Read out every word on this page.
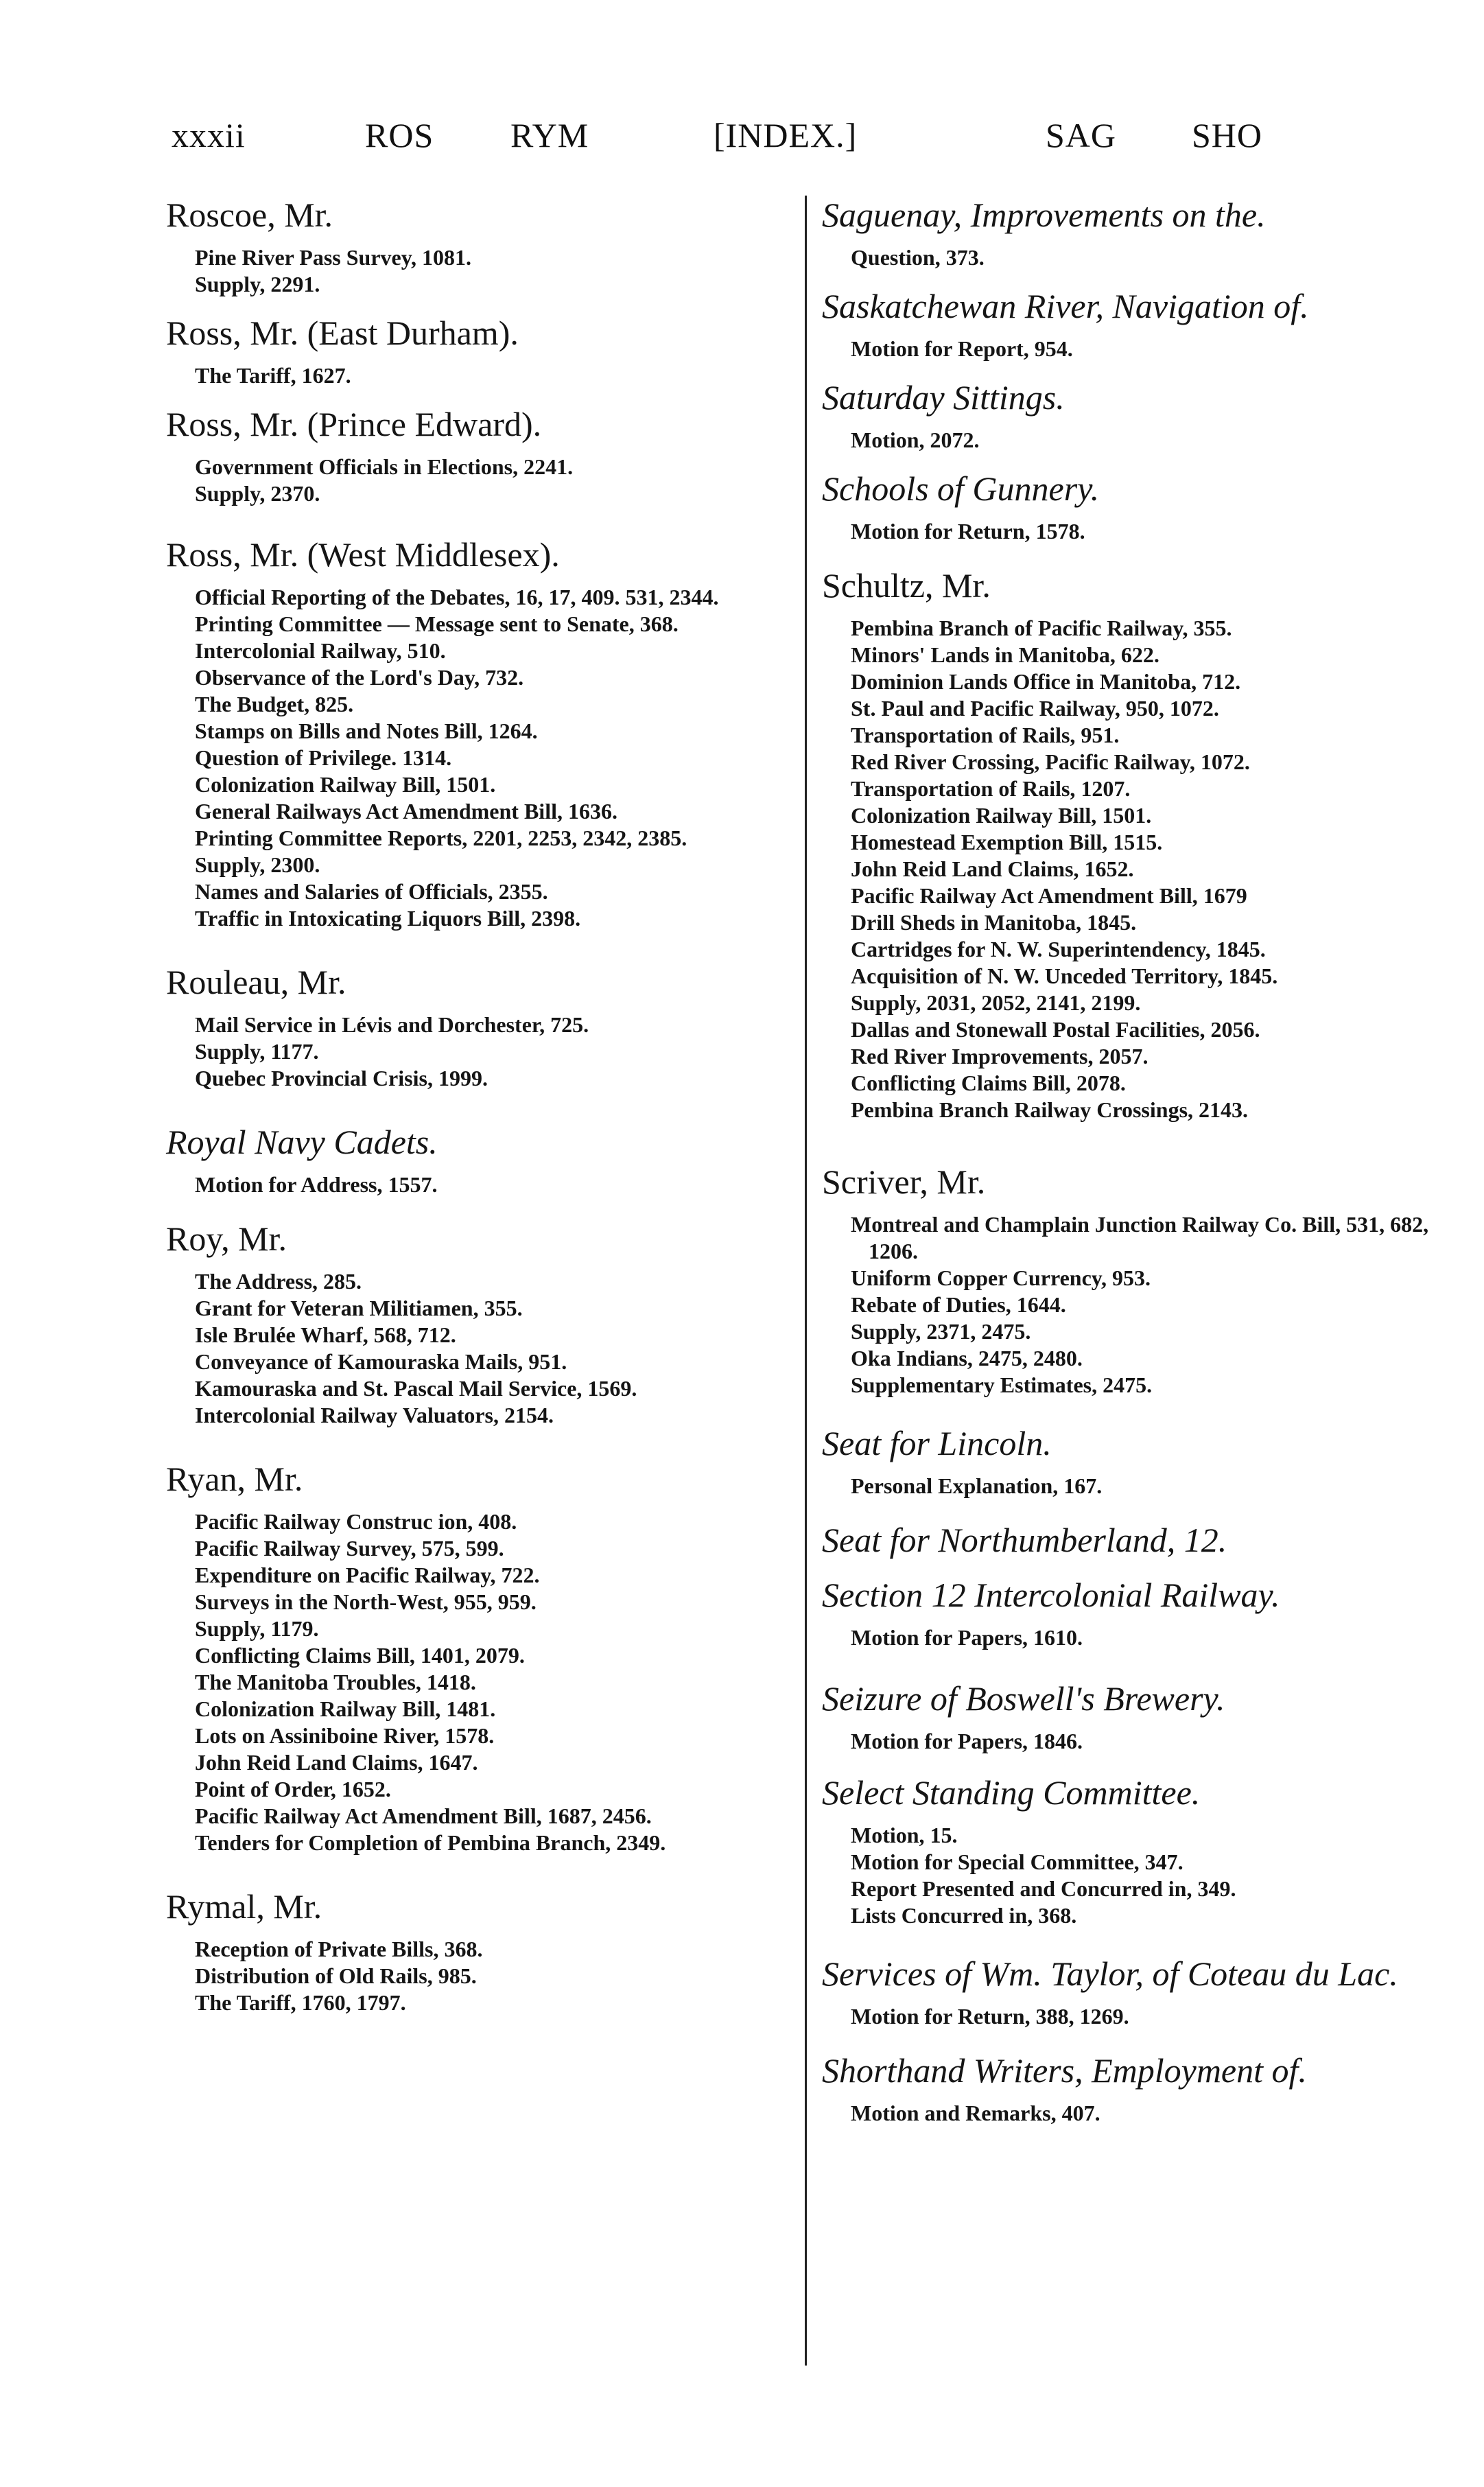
xxxii	ROS RYM	[INDEX.]	SAG SHO
Roscoe, Mr.
Pine River Pass Survey, 1081.
Supply, 2291.
Ross, Mr. (East Durham).
The Tariff, 1627.
Ross, Mr. (Prince Edward).
Government Officials in Elections, 2241.
Supply, 2370.
Ross, Mr. (West Middlesex).
Official Reporting of the Debates, 16, 17, 409. 531, 2344.
Printing Committee — Message sent to Senate, 368.
Intercolonial Railway, 510.
Observance of the Lord's Day, 732.
The Budget, 825.
Stamps on Bills and Notes Bill, 1264.
Question of Privilege. 1314.
Colonization Railway Bill, 1501.
General Railways Act Amendment Bill, 1636.
Printing Committee Reports, 2201, 2253, 2342, 2385.
Supply, 2300.
Names and Salaries of Officials, 2355.
Traffic in Intoxicating Liquors Bill, 2398.
Rouleau, Mr.
Mail Service in Lévis and Dorchester, 725.
Supply, 1177.
Quebec Provincial Crisis, 1999.
Royal Navy Cadets.
Motion for Address, 1557.
Roy, Mr.
The Address, 285.
Grant for Veteran Militiamen, 355.
Isle Brulée Wharf, 568, 712.
Conveyance of Kamouraska Mails, 951.
Kamouraska and St. Pascal Mail Service, 1569.
Intercolonial Railway Valuators, 2154.
Ryan, Mr.
Pacific Railway Construc ion, 408.
Pacific Railway Survey, 575, 599.
Expenditure on Pacific Railway, 722.
Surveys in the North-West, 955, 959.
Supply, 1179.
Conflicting Claims Bill, 1401, 2079.
The Manitoba Troubles, 1418.
Colonization Railway Bill, 1481.
Lots on Assiniboine River, 1578.
John Reid Land Claims, 1647.
Point of Order, 1652.
Pacific Railway Act Amendment Bill, 1687, 2456.
Tenders for Completion of Pembina Branch, 2349.
Rymal, Mr.
Reception of Private Bills, 368.
Distribution of Old Rails, 985.
The Tariff, 1760, 1797.
Saguenay, Improvements on the.
Question, 373.
Saskatchewan River, Navigation of.
Motion for Report, 954.
Saturday Sittings.
Motion, 2072.
Schools of Gunnery.
Motion for Return, 1578.
Schultz, Mr.
Pembina Branch of Pacific Railway, 355.
Minors' Lands in Manitoba, 622.
Dominion Lands Office in Manitoba, 712.
St. Paul and Pacific Railway, 950, 1072.
Transportation of Rails, 951.
Red River Crossing, Pacific Railway, 1072.
Transportation of Rails, 1207.
Colonization Railway Bill, 1501.
Homestead Exemption Bill, 1515.
John Reid Land Claims, 1652.
Pacific Railway Act Amendment Bill, 1679
Drill Sheds in Manitoba, 1845.
Cartridges for N. W. Superintendency, 1845.
Acquisition of N. W. Unceded Territory, 1845.
Supply, 2031, 2052, 2141, 2199.
Dallas and Stonewall Postal Facilities, 2056.
Red River Improvements, 2057.
Conflicting Claims Bill, 2078.
Pembina Branch Railway Crossings, 2143.
Scriver, Mr.
Montreal and Champlain Junction Railway Co. Bill, 531, 682, 1206.
Uniform Copper Currency, 953.
Rebate of Duties, 1644.
Supply, 2371, 2475.
Oka Indians, 2475, 2480.
Supplementary Estimates, 2475.
Seat for Lincoln.
Personal Explanation, 167.
Seat for Northumberland, 12.
Section 12 Intercolonial Railway.
Motion for Papers, 1610.
Seizure of Boswell's Brewery.
Motion for Papers, 1846.
Select Standing Committee.
Motion, 15.
Motion for Special Committee, 347.
Report Presented and Concurred in, 349.
Lists Concurred in, 368.
Services of Wm. Taylor, of Coteau du Lac.
Motion for Return, 388, 1269.
Shorthand Writers, Employment of.
Motion and Remarks, 407.
